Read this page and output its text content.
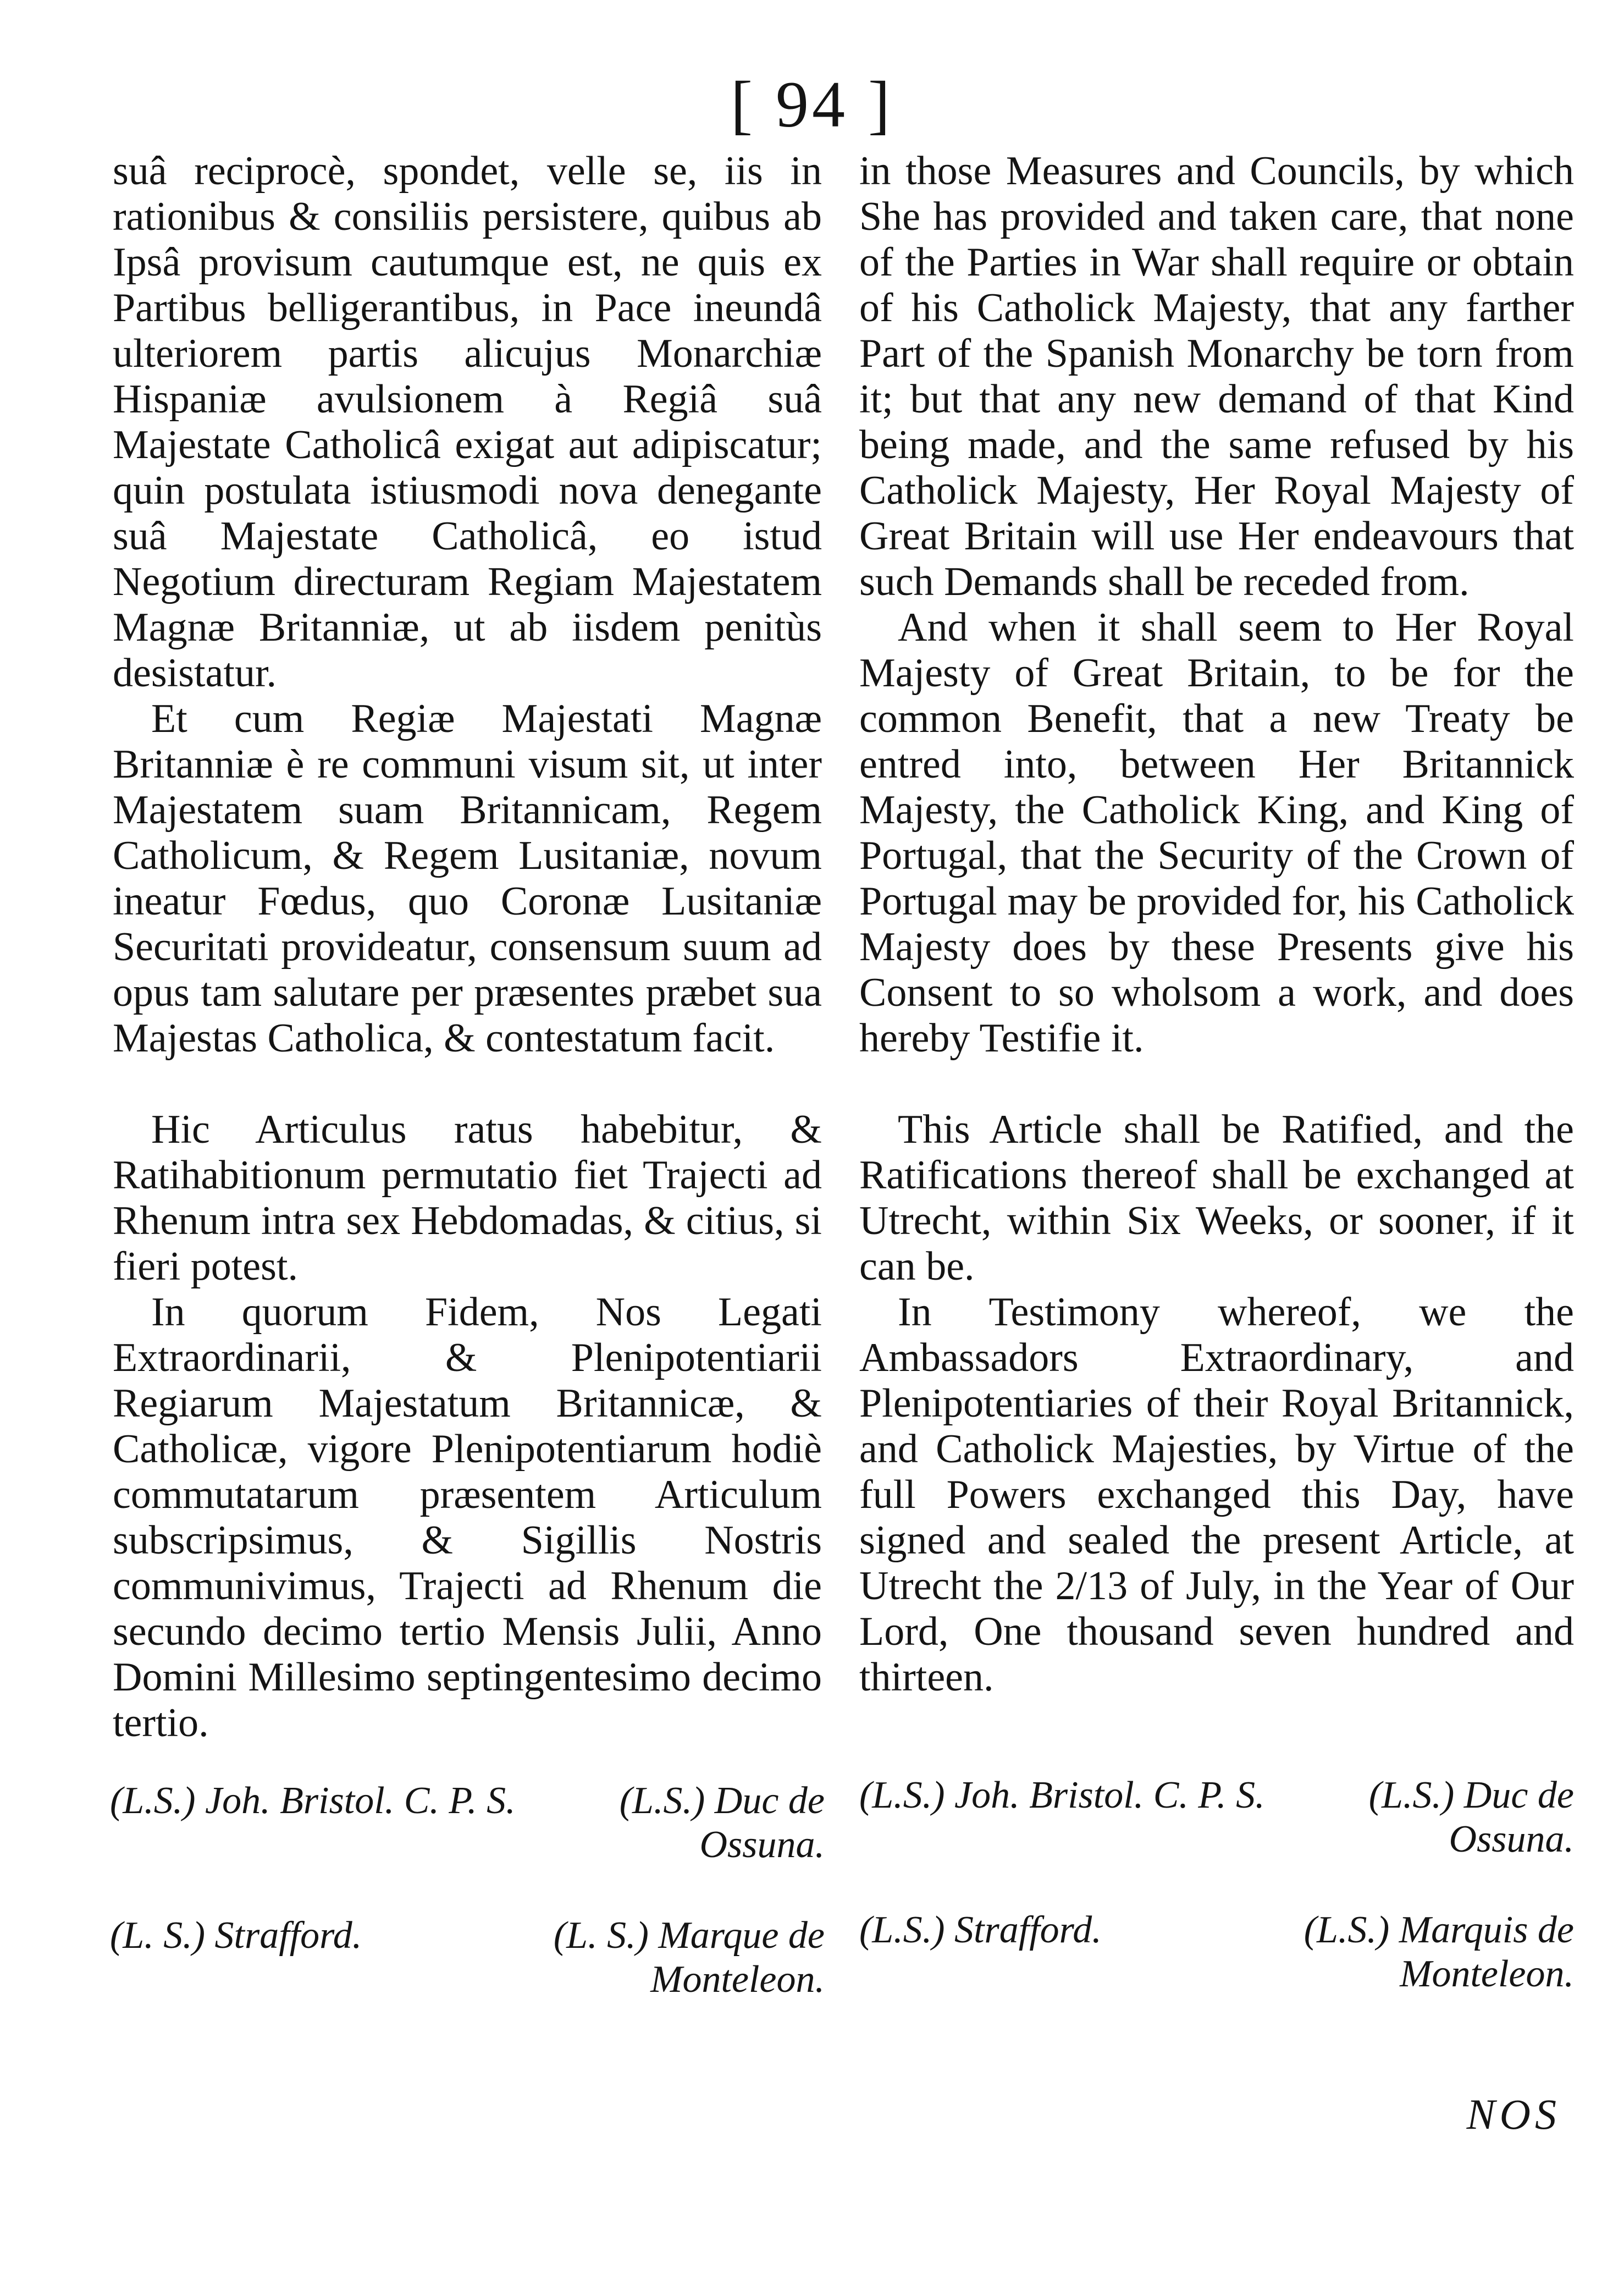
[ 94 ]

suâ reciprocè, spondet, velle se, iis in rationibus & consiliis persistere, quibus ab Ipsâ provisum cautumque est, ne quis ex Partibus belligerantibus, in Pace ineundâ ulteriorem partis alicujus Monarchiæ Hispaniæ avulsionem à Regiâ suâ Majestate Catholicâ exigat aut adipiscatur; quin postulata istiusmodi nova denegante suâ Majestate Catholicâ, eo istud Negotium directuram Regiam Majestatem Magnæ Britanniæ, ut ab iisdem penitùs desistatur.

Et cum Regiæ Majestati Magnæ Britanniæ è re communi visum sit, ut inter Majestatem suam Britannicam, Regem Catholicum, & Regem Lusitaniæ, novum ineatur Fœdus, quo Coronæ Lusitaniæ Securitati provideatur, consensum suum ad opus tam salutare per præsentes præbet sua Majestas Catholica, & contestatum facit.

Hic Articulus ratus habebitur, & Ratihabitionum permutatio fiet Trajecti ad Rhenum intra sex Hebdomadas, & citius, si fieri potest.

In quorum Fidem, Nos Legati Extraordinarii, & Plenipotentiarii Regiarum Majestatum Britannicæ, & Catholicæ, vigore Plenipotentiarum hodiè commutatarum præsentem Articulum subscripsimus, & Sigillis Nostris communivimus, Trajecti ad Rhenum die secundo decimo tertio Mensis Julii, Anno Domini Millesimo septingentesimo decimo tertio.

in those Measures and Councils, by which She has provided and taken care, that none of the Parties in War shall require or obtain of his Catholick Majesty, that any farther Part of the Spanish Monarchy be torn from it; but that any new demand of that Kind being made, and the same refused by his Catholick Majesty, Her Royal Majesty of Great Britain will use Her endeavours that such Demands shall be receded from.

And when it shall seem to Her Royal Majesty of Great Britain, to be for the common Benefit, that a new Treaty be entred into, between Her Britannick Majesty, the Catholick King, and King of Portugal, that the Security of the Crown of Portugal may be provided for, his Catholick Majesty does by these Presents give his Consent to so wholsom a work, and does hereby Testifie it.

This Article shall be Ratified, and the Ratifications thereof shall be exchanged at Utrecht, within Six Weeks, or sooner, if it can be.

In Testimony whereof, we the Ambassadors Extraordinary, and Plenipotentiaries of their Royal Britannick, and Catholick Majesties, by Virtue of the full Powers exchanged this Day, have signed and sealed the present Article, at Utrecht the 2/13 of July, in the Year of Our Lord, One thousand seven hundred and thirteen.

(L.S.) Joh. Bristol. C. P. S.	(L.S.) Duc de
Ossuna.
(L. S.) Strafford.	(L. S.) Marque de
Monteleon.
(L.S.) Joh. Bristol. C. P. S.	(L.S.) Duc de
Ossuna.
(L.S.) Strafford.	(L.S.) Marquis de
Monteleon.
NOS
